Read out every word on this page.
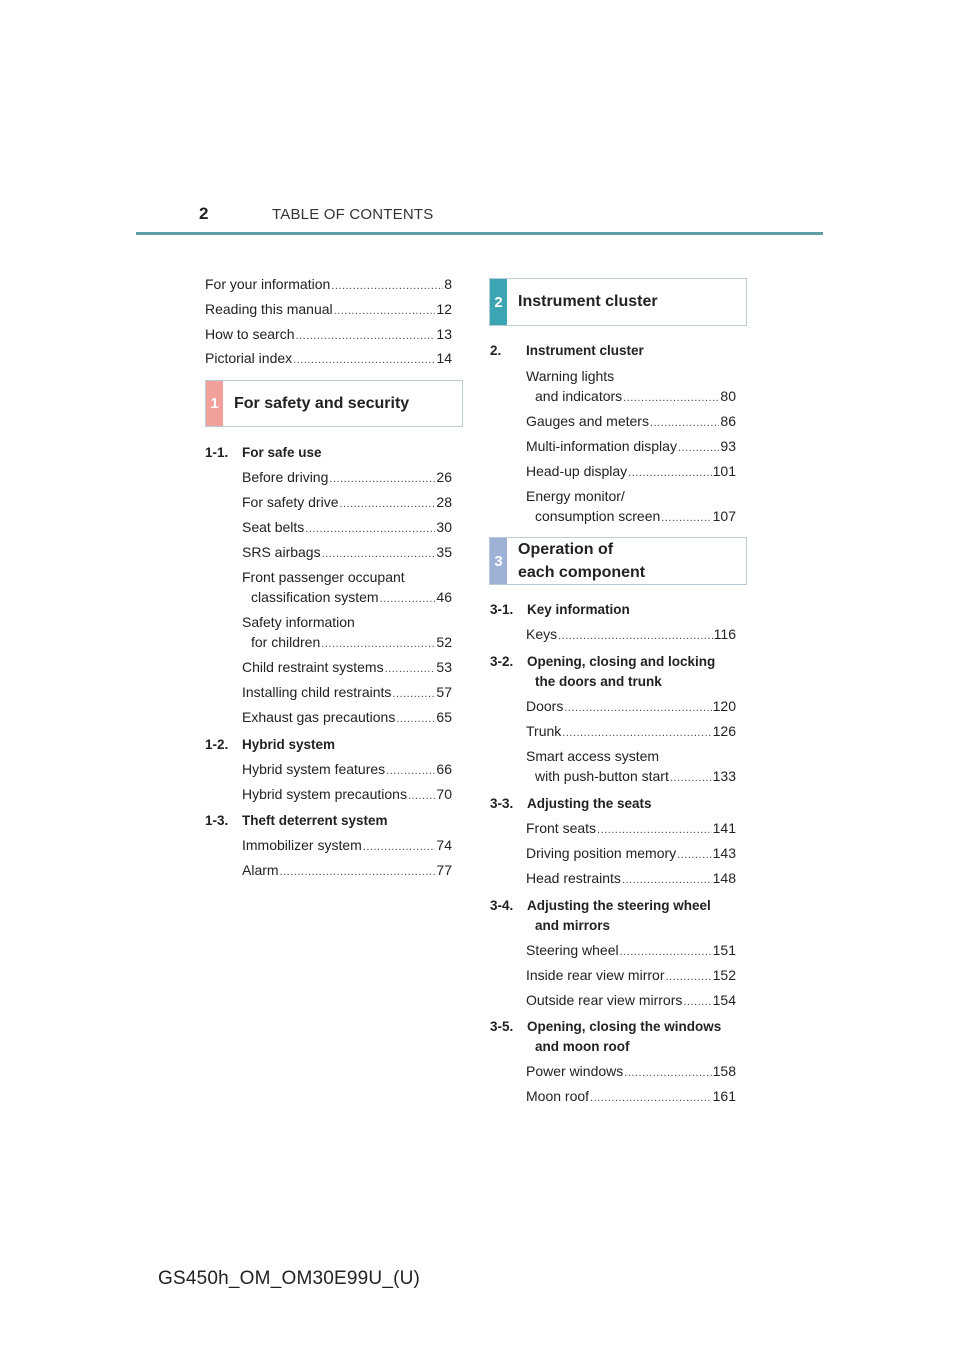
2	TABLE OF CONTENTS
For your information .....	8
Reading this manual .....	12
How to search .....	13
Pictorial index .....	14
1 For safety and security
1-1. For safe use
Before driving .....	26
For safety drive .....	28
Seat belts .....	30
SRS airbags .....	35
Front passenger occupant
classification system .....	46
Safety information
for children .....	52
Child restraint systems .....	53
Installing child restraints .....	57
Exhaust gas precautions .....	65
1-2. Hybrid system
Hybrid system features .....	66
Hybrid system precautions ..... 70
1-3. Theft deterrent system
Immobilizer system .....	74
Alarm .....	77
2 Instrument cluster
2. Instrument cluster
Warning lights
and indicators .....	80
Gauges and meters .....	86
Multi-information display .....	93
Head-up display .....	101
Energy monitor/
consumption screen .....	107
3
Operation of
each component
3-1. Key information
Keys .....	116
3-2. Opening, closing and locking
the doors and trunk
Doors .....	120
Trunk .....	126
Smart access system
with push-button start .....	133
3-3. Adjusting the seats
Front seats .....	141
Driving position memory .....	143
Head restraints .....	148
3-4. Adjusting the steering wheel
and mirrors
Steering wheel .....	151
Inside rear view mirror .....	152
Outside rear view mirrors ..... 154
3-5. Opening, closing the windows
and moon roof
Power windows .....	158
Moon roof .....	161
GS450h_OM_OM30E99U_(U)
